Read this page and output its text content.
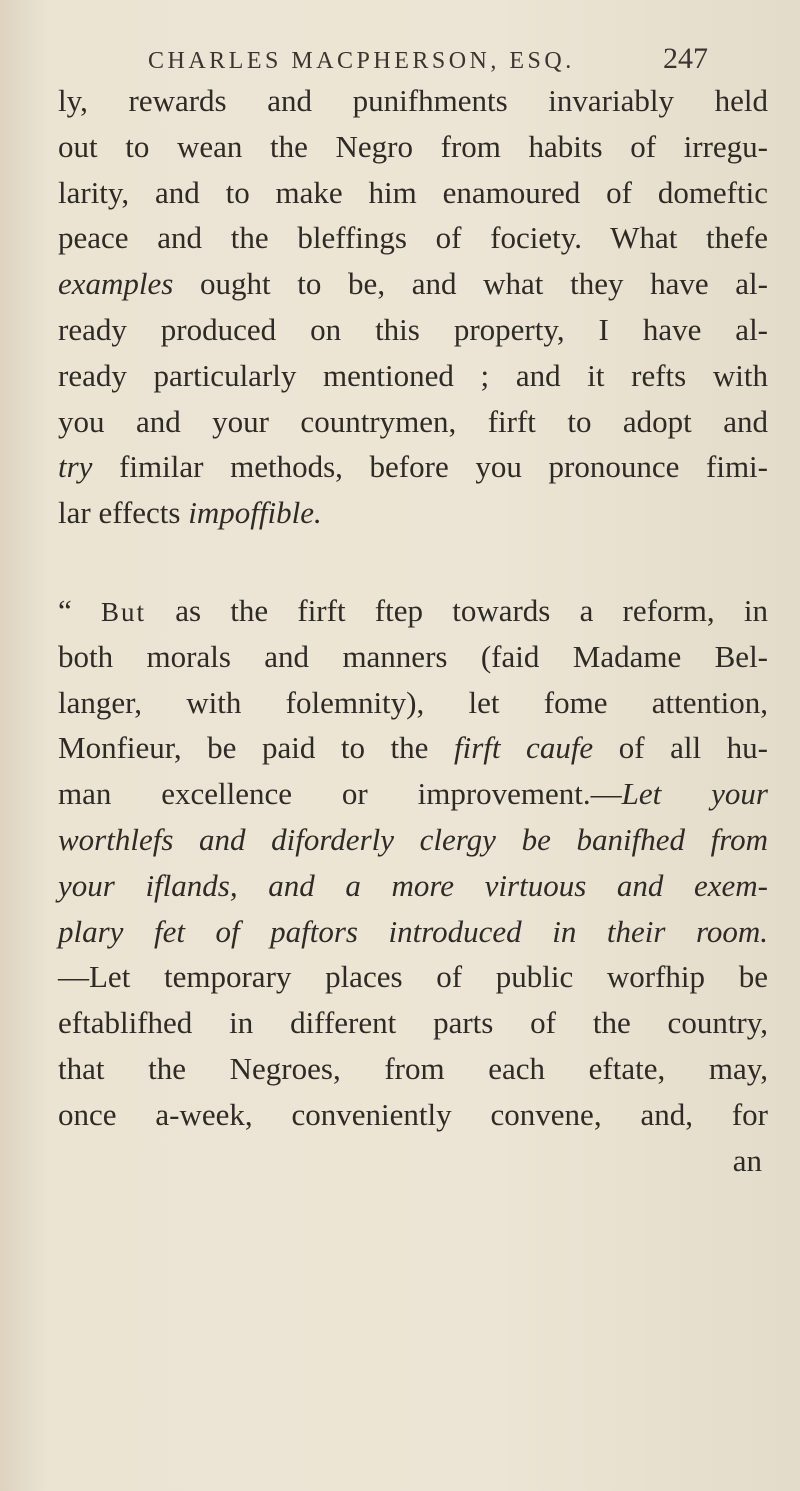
CHARLES MACPHERSON, ESQ.	247
ly, rewards and punifhments invariably held
out to wean the Negro from habits of irregu-
larity, and to make him enamoured of domeftic
peace and the bleffings of fociety. What thefe
examples ought to be, and what they have al-
ready produced on this property, I have al-
ready particularly mentioned ; and it refts with
you and your countrymen, firft to adopt and
try fimilar methods, before you pronounce fimi-
lar effects impoffible.
“ But as the firft ftep towards a reform, in
both morals and manners (faid Madame Bel-
langer, with folemnity), let fome attention,
Monfieur, be paid to the firft caufe of all hu-
man excellence or improvement.—Let your
worthlefs and diforderly clergy be banifhed from
your iflands, and a more virtuous and exem-
plary fet of paftors introduced in their room.
—Let temporary places of public worfhip be
eftablifhed in different parts of the country,
that the Negroes, from each eftate, may,
once a-week, conveniently convene, and, for
an
